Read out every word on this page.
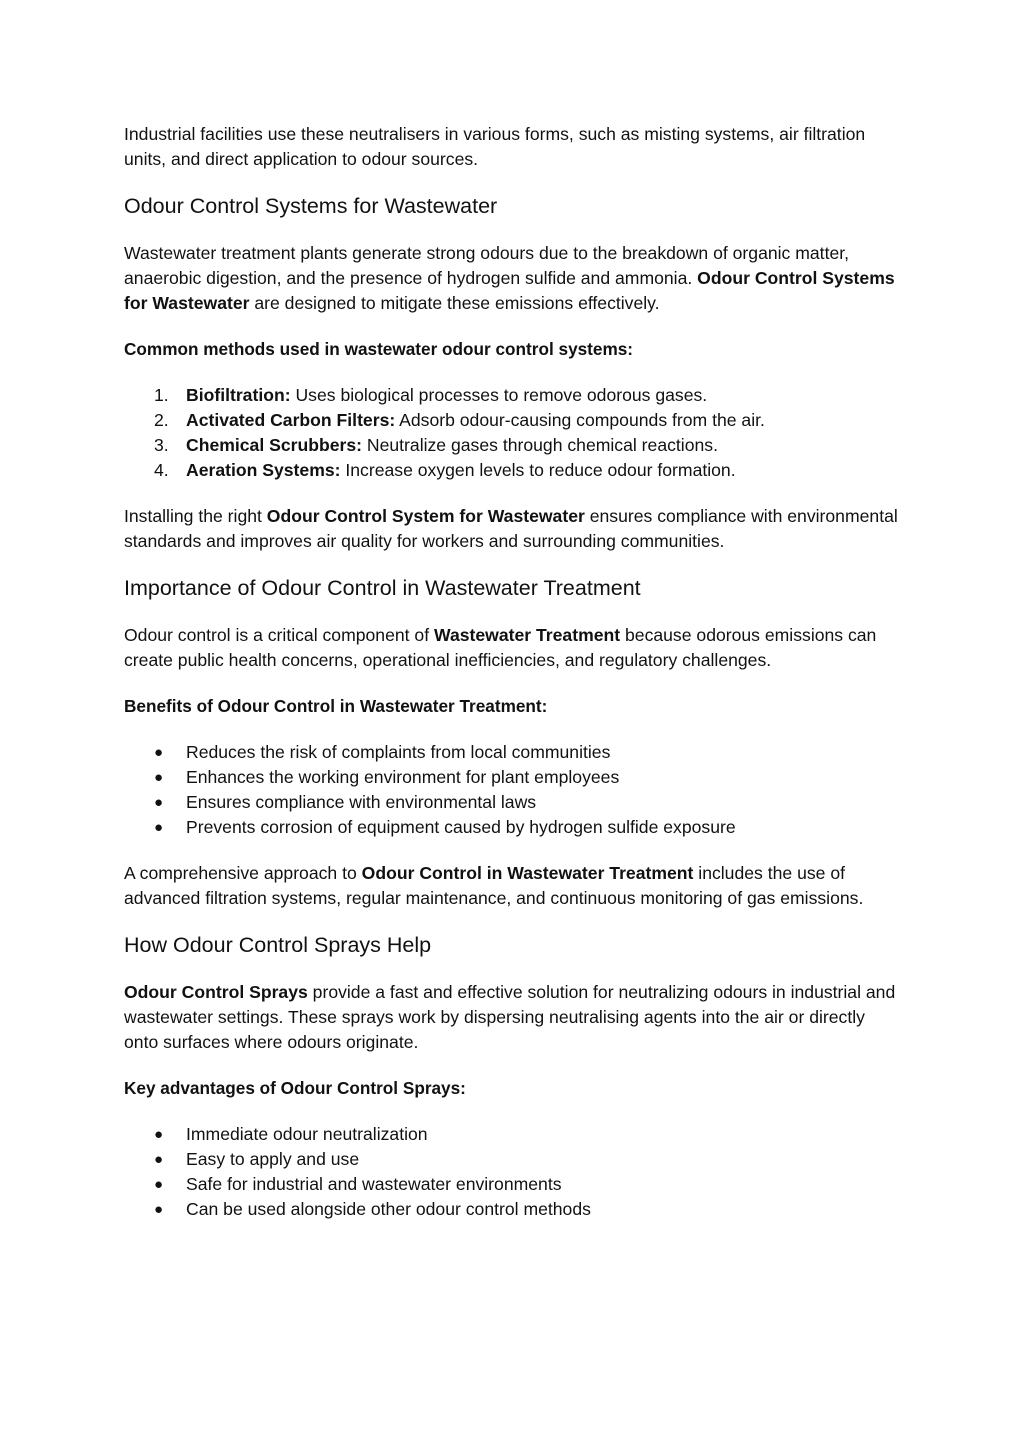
Industrial facilities use these neutralisers in various forms, such as misting systems, air filtration units, and direct application to odour sources.

Odour Control Systems for Wastewater

Wastewater treatment plants generate strong odours due to the breakdown of organic matter, anaerobic digestion, and the presence of hydrogen sulfide and ammonia. Odour Control Systems for Wastewater are designed to mitigate these emissions effectively.

Common methods used in wastewater odour control systems:

1. Biofiltration: Uses biological processes to remove odorous gases.
2. Activated Carbon Filters: Adsorb odour-causing compounds from the air.
3. Chemical Scrubbers: Neutralize gases through chemical reactions.
4. Aeration Systems: Increase oxygen levels to reduce odour formation.

Installing the right Odour Control System for Wastewater ensures compliance with environmental standards and improves air quality for workers and surrounding communities.

Importance of Odour Control in Wastewater Treatment

Odour control is a critical component of Wastewater Treatment because odorous emissions can create public health concerns, operational inefficiencies, and regulatory challenges.

Benefits of Odour Control in Wastewater Treatment:

●	Reduces the risk of complaints from local communities
●	Enhances the working environment for plant employees
●	Ensures compliance with environmental laws
●	Prevents corrosion of equipment caused by hydrogen sulfide exposure

A comprehensive approach to Odour Control in Wastewater Treatment includes the use of advanced filtration systems, regular maintenance, and continuous monitoring of gas emissions.

How Odour Control Sprays Help

Odour Control Sprays provide a fast and effective solution for neutralizing odours in industrial and wastewater settings. These sprays work by dispersing neutralising agents into the air or directly onto surfaces where odours originate.

Key advantages of Odour Control Sprays:

●	Immediate odour neutralization
●	Easy to apply and use
●	Safe for industrial and wastewater environments
●	Can be used alongside other odour control methods
